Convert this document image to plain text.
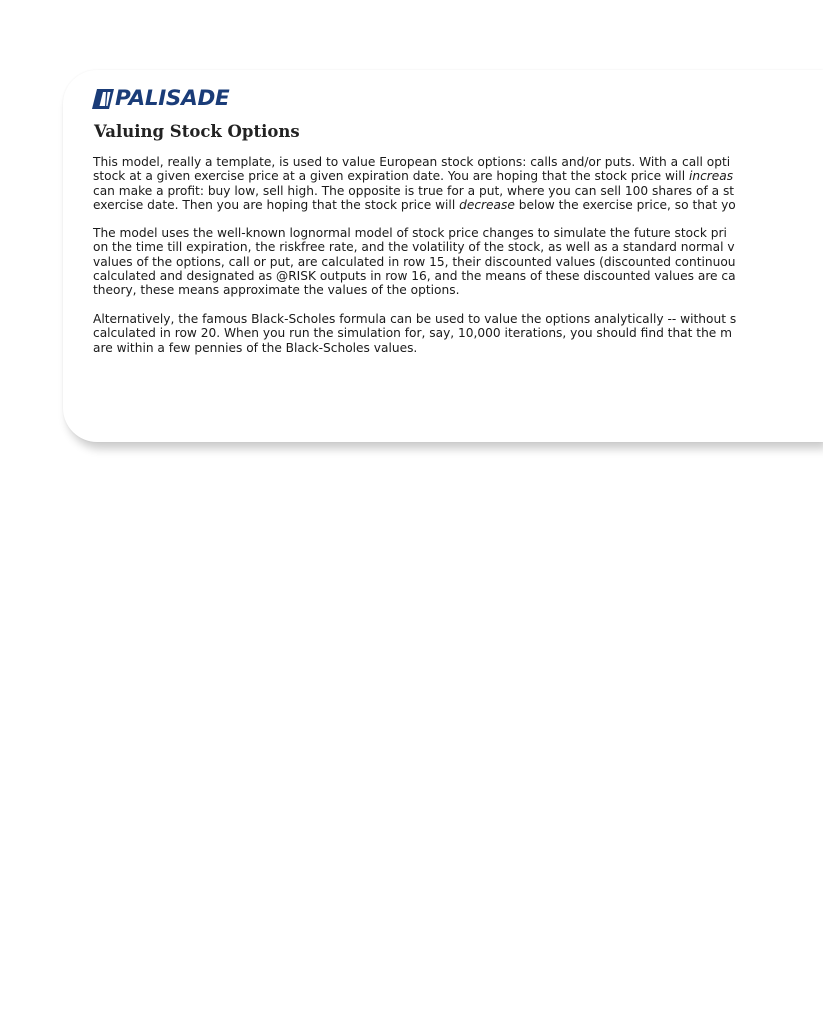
PALISADE
Valuing Stock Options

This model, really a template, is used to value European stock options: calls and/or puts. With a call opti
stock at a given exercise price at a given expiration date. You are hoping that the stock price will increas
can make a profit: buy low, sell high. The opposite is true for a put, where you can sell 100 shares of a st
exercise date. Then you are hoping that the stock price will decrease below the exercise price, so that yo

The model uses the well-known lognormal model of stock price changes to simulate the future stock pri
on the time till expiration, the riskfree rate, and the volatility of the stock, as well as a standard normal v
values of the options, call or put, are calculated in row 15, their discounted values (discounted continuou
calculated and designated as @RISK outputs in row 16, and the means of these discounted values are ca
theory, these means approximate the values of the options.

Alternatively, the famous Black-Scholes formula can be used to value the options analytically -- without s
calculated in row 20. When you run the simulation for, say, 10,000 iterations, you should find that the m
are within a few pennies of the Black-Scholes values.
